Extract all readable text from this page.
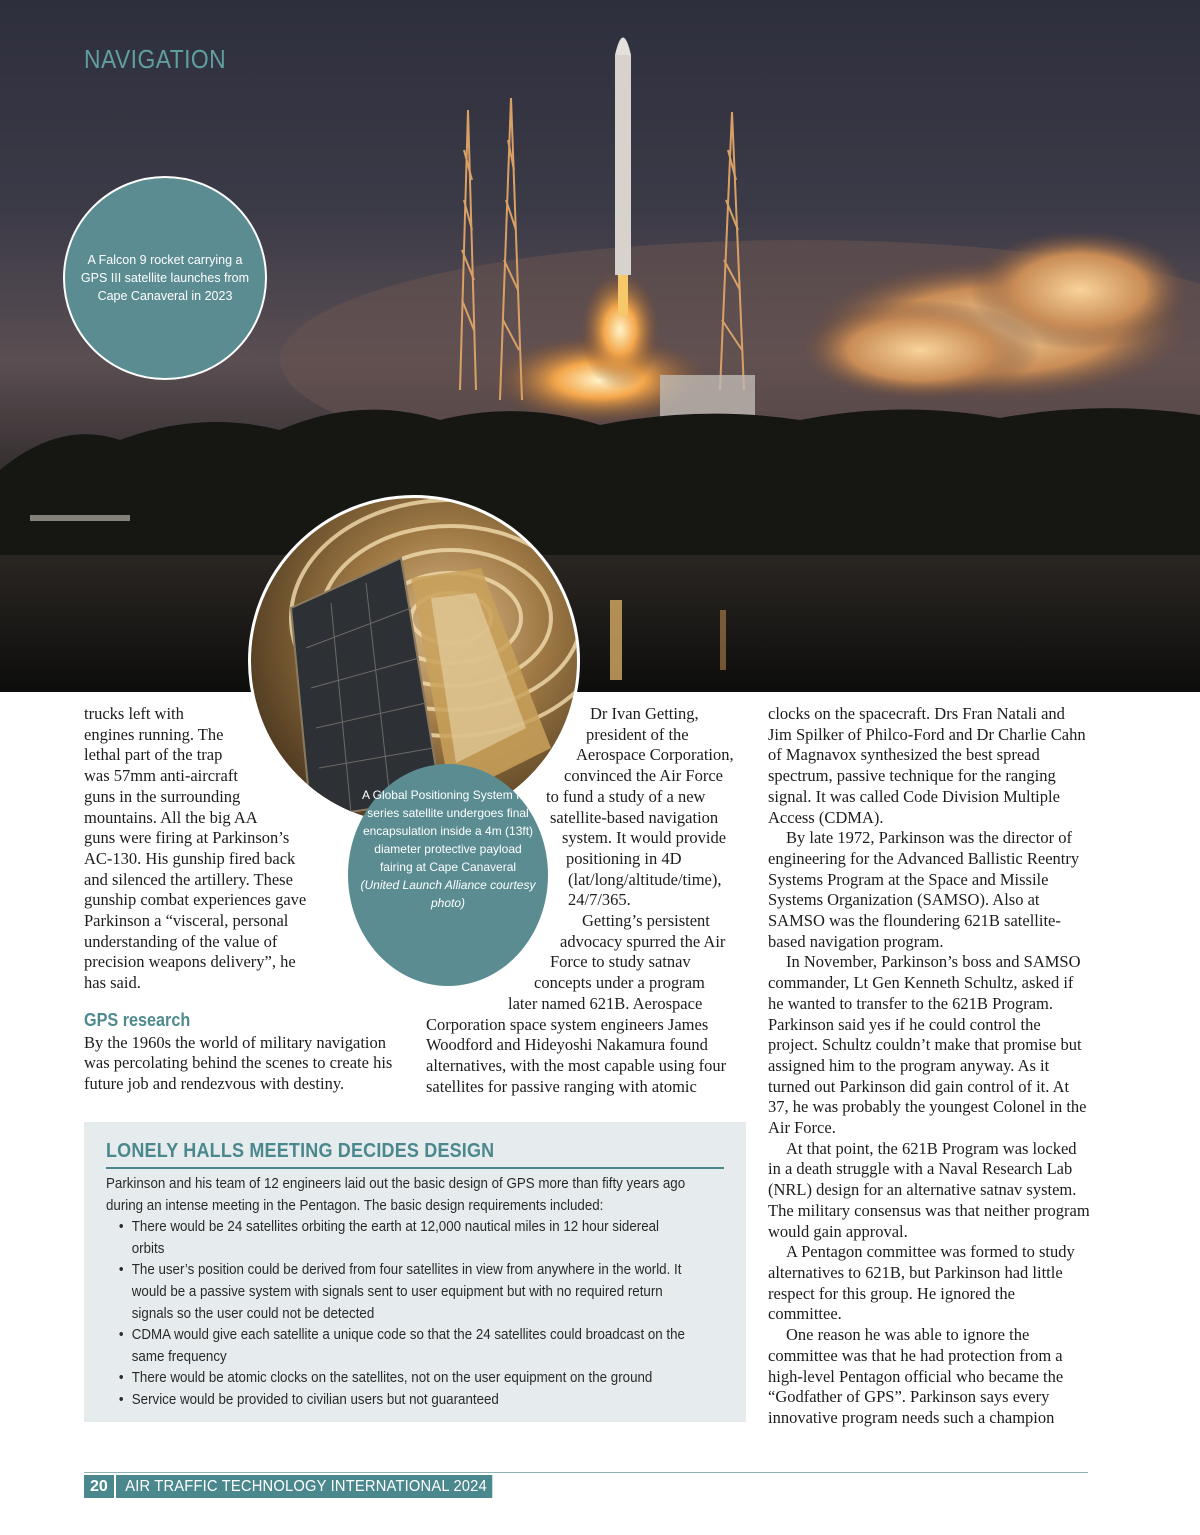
NAVIGATION
A Falcon 9 rocket carrying a GPS III satellite launches from Cape Canaveral in 2023
A Global Positioning System IIF-series satellite undergoes final encapsulation inside a 4m (13ft) diameter protective payload fairing at Cape Canaveral (United Launch Alliance courtesy photo)

trucks left with
engines running. The
lethal part of the trap
was 57mm anti-aircraft
guns in the surrounding
mountains. All the big AA
guns were firing at Parkinson’s
AC-130. His gunship fired back
and silenced the artillery. These
gunship combat experiences gave
Parkinson a “visceral, personal
understanding of the value of
precision weapons delivery”, he
has said.

GPS research

By the 1960s the world of military navigation was percolating behind the scenes to create his future job and rendezvous with destiny.

Dr Ivan Getting,
president of the
Aerospace Corporation,
convinced the Air Force
to fund a study of a new
satellite-based navigation
system. It would provide
positioning in 4D
(lat/long/altitude/time),
24/7/365.
Getting’s persistent
advocacy spurred the Air
Force to study satnav
concepts under a program
later named 621B. Aerospace

Corporation space system engineers James Woodford and Hideyoshi Nakamura found alternatives, with the most capable using four satellites for passive ranging with atomic

clocks on the spacecraft. Drs Fran Natali and Jim Spilker of Philco-Ford and Dr Charlie Cahn of Magnavox synthesized the best spread spectrum, passive technique for the ranging signal. It was called Code Division Multiple Access (CDMA).

By late 1972, Parkinson was the director of engineering for the Advanced Ballistic Reentry Systems Program at the Space and Missile Systems Organization (SAMSO). Also at SAMSO was the floundering 621B satellite-based navigation program.

In November, Parkinson’s boss and SAMSO commander, Lt Gen Kenneth Schultz, asked if he wanted to transfer to the 621B Program. Parkinson said yes if he could control the project. Schultz couldn’t make that promise but assigned him to the program anyway. As it turned out Parkinson did gain control of it. At 37, he was probably the youngest Colonel in the Air Force.

At that point, the 621B Program was locked in a death struggle with a Naval Research Lab (NRL) design for an alternative satnav system. The military consensus was that neither program would gain approval.

A Pentagon committee was formed to study alternatives to 621B, but Parkinson had little respect for this group. He ignored the committee.

One reason he was able to ignore the committee was that he had protection from a high-level Pentagon official who became the “Godfather of GPS”. Parkinson says every innovative program needs such a champion

LONELY HALLS MEETING DECIDES DESIGN
Parkinson and his team of 12 engineers laid out the basic design of GPS more than fifty years ago during an intense meeting in the Pentagon. The basic design requirements included:
• There would be 24 satellites orbiting the earth at 12,000 nautical miles in 12 hour sidereal orbits
• The user’s position could be derived from four satellites in view from anywhere in the world. It would be a passive system with signals sent to user equipment but with no required return signals so the user could not be detected
• CDMA would give each satellite a unique code so that the 24 satellites could broadcast on the same frequency
• There would be atomic clocks on the satellites, not on the user equipment on the ground
• Service would be provided to civilian users but not guaranteed
20	AIR TRAFFIC TECHNOLOGY INTERNATIONAL 2024
